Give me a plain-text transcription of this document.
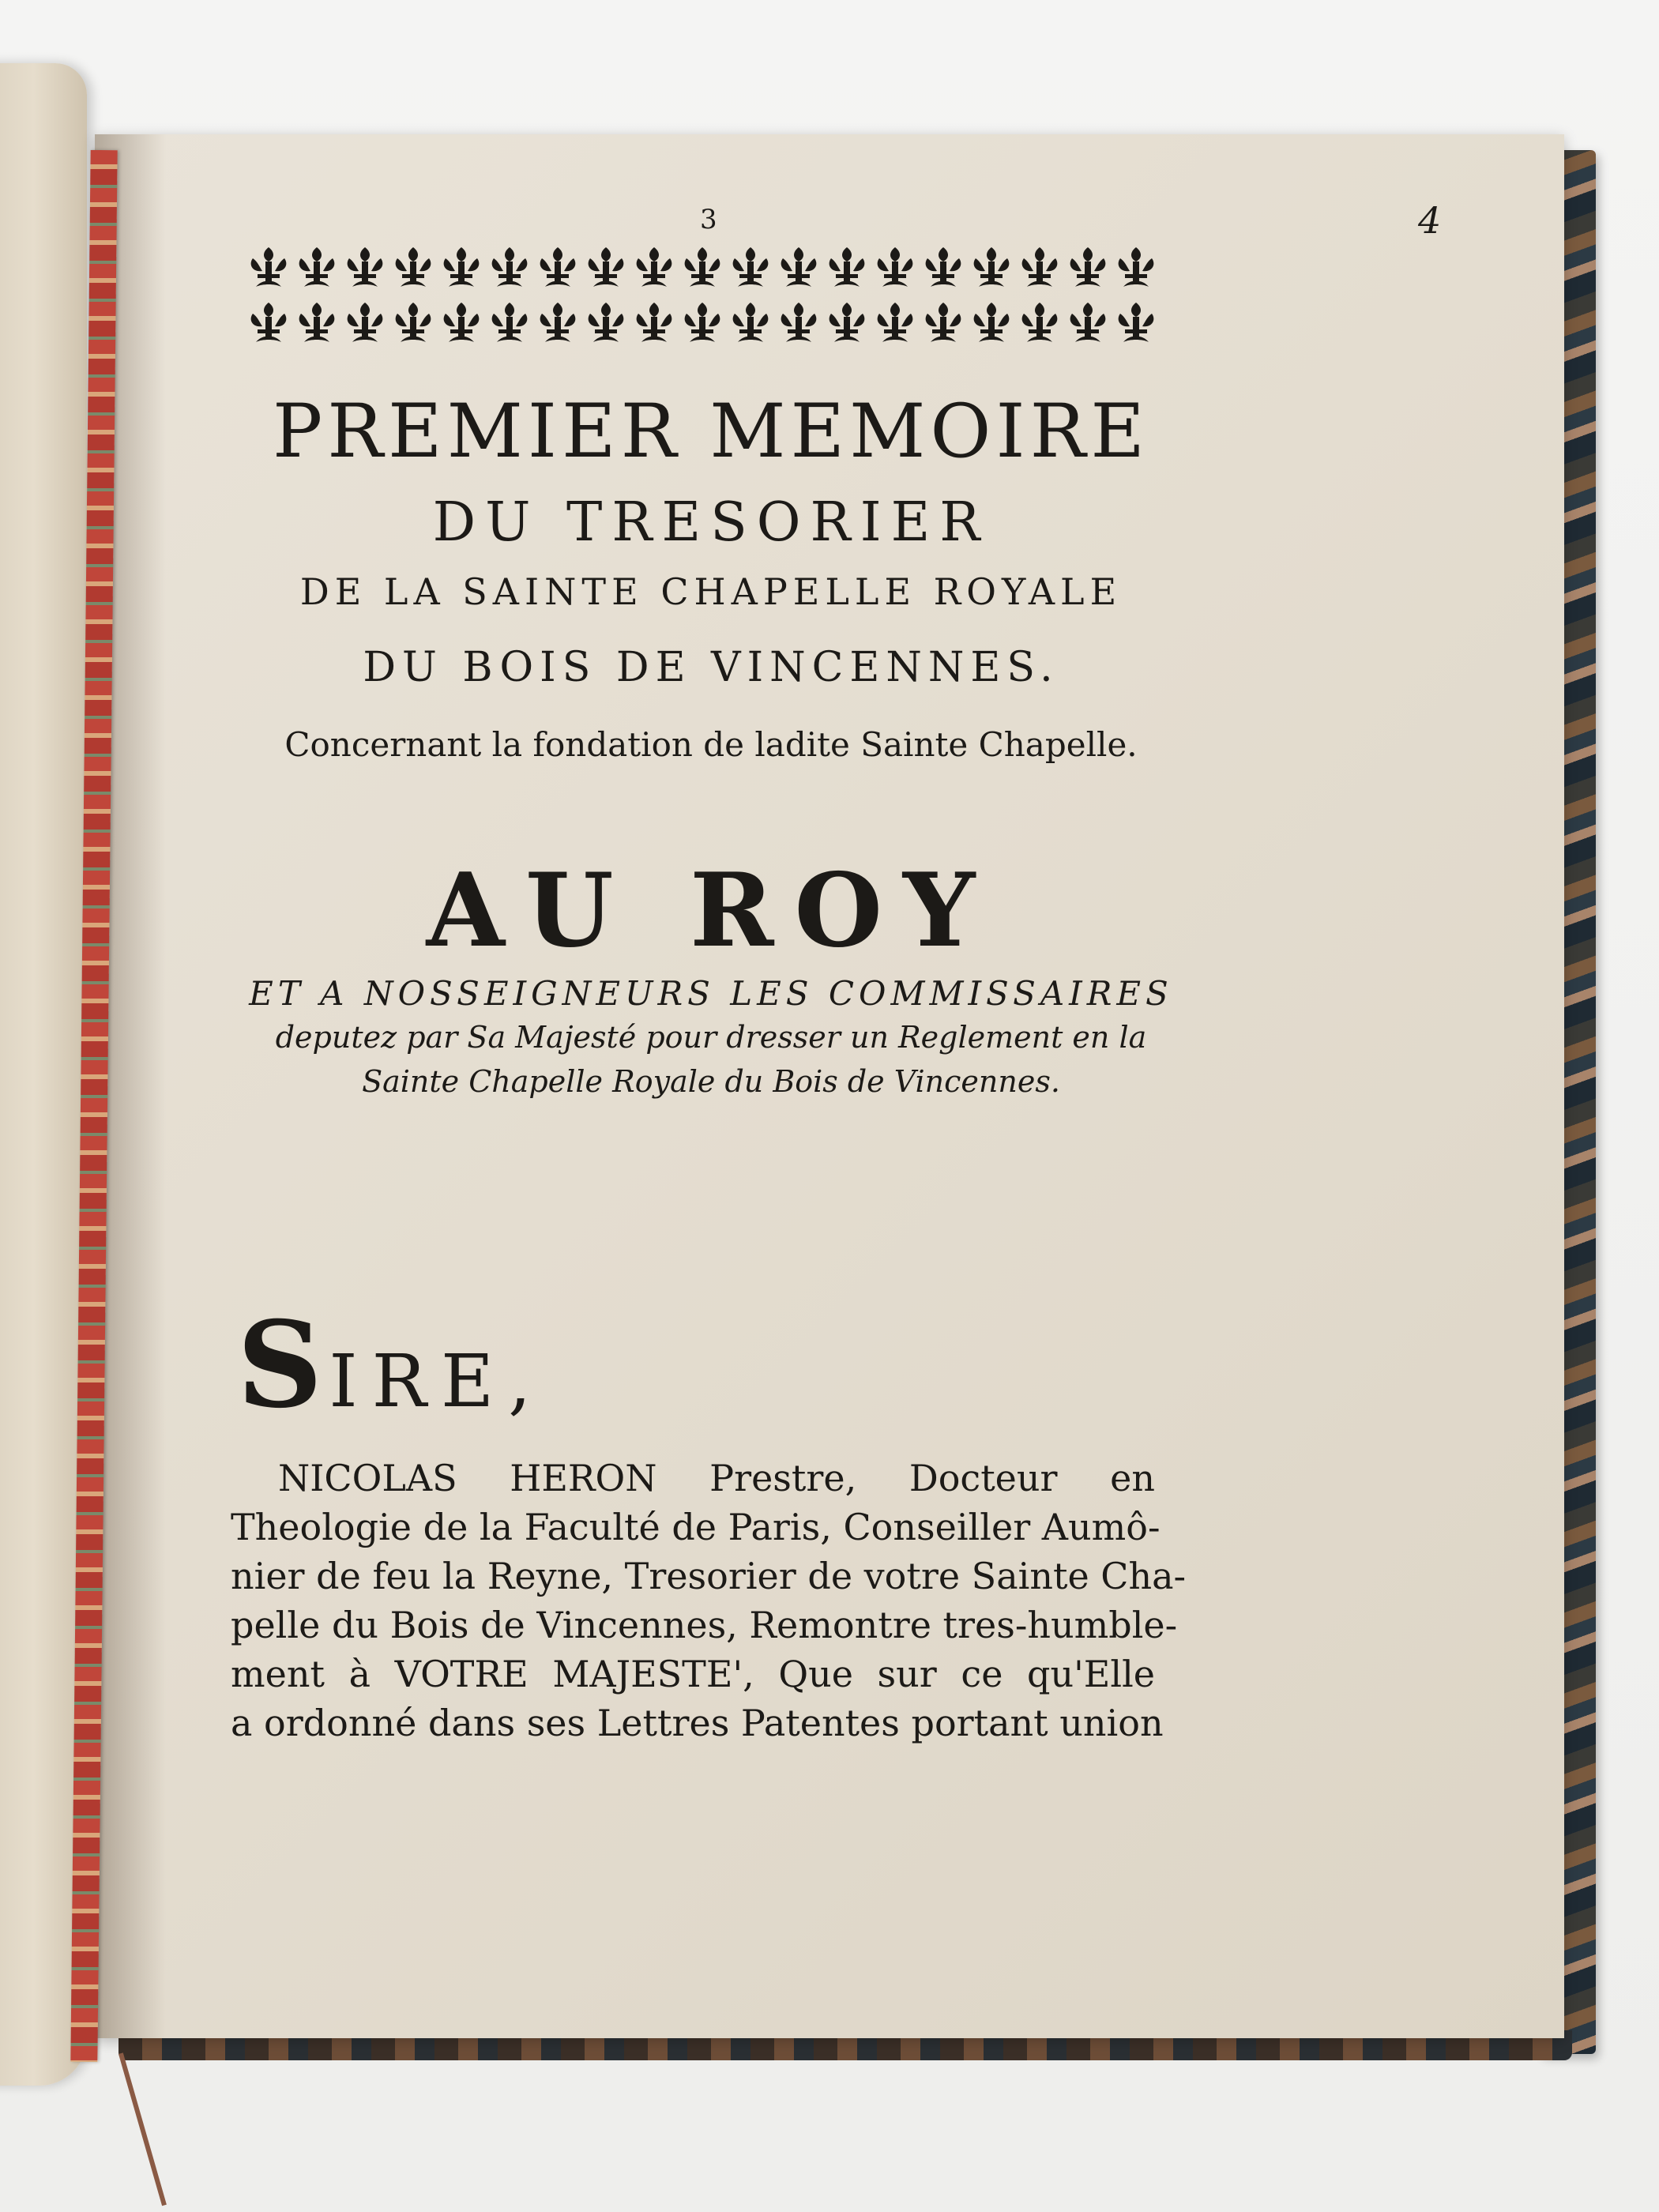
3	4
PREMIER MEMOIRE
DU TRESORIER
DE LA SAINTE CHAPELLE ROYALE
DU BOIS DE VINCENNES.
Concernant la fondation de ladite Sainte Chapelle.
AU ROY
ET A NOSSEIGNEURS LES COMMISSAIRES
deputez par Sa Majesté pour dresser un Reglement en la
Sainte Chapelle Royale du Bois de Vincennes.
SIRE,
NICOLAS HERON Prestre, Docteur en
Theologie de la Faculté de Paris, Conseiller Aumô-
nier de feu la Reyne, Tresorier de votre Sainte Cha-
pelle du Bois de Vincennes, Remontre tres-humble-
ment à VOTRE MAJESTE', Que sur ce qu'Elle
a ordonné dans ses Lettres Patentes portant union
